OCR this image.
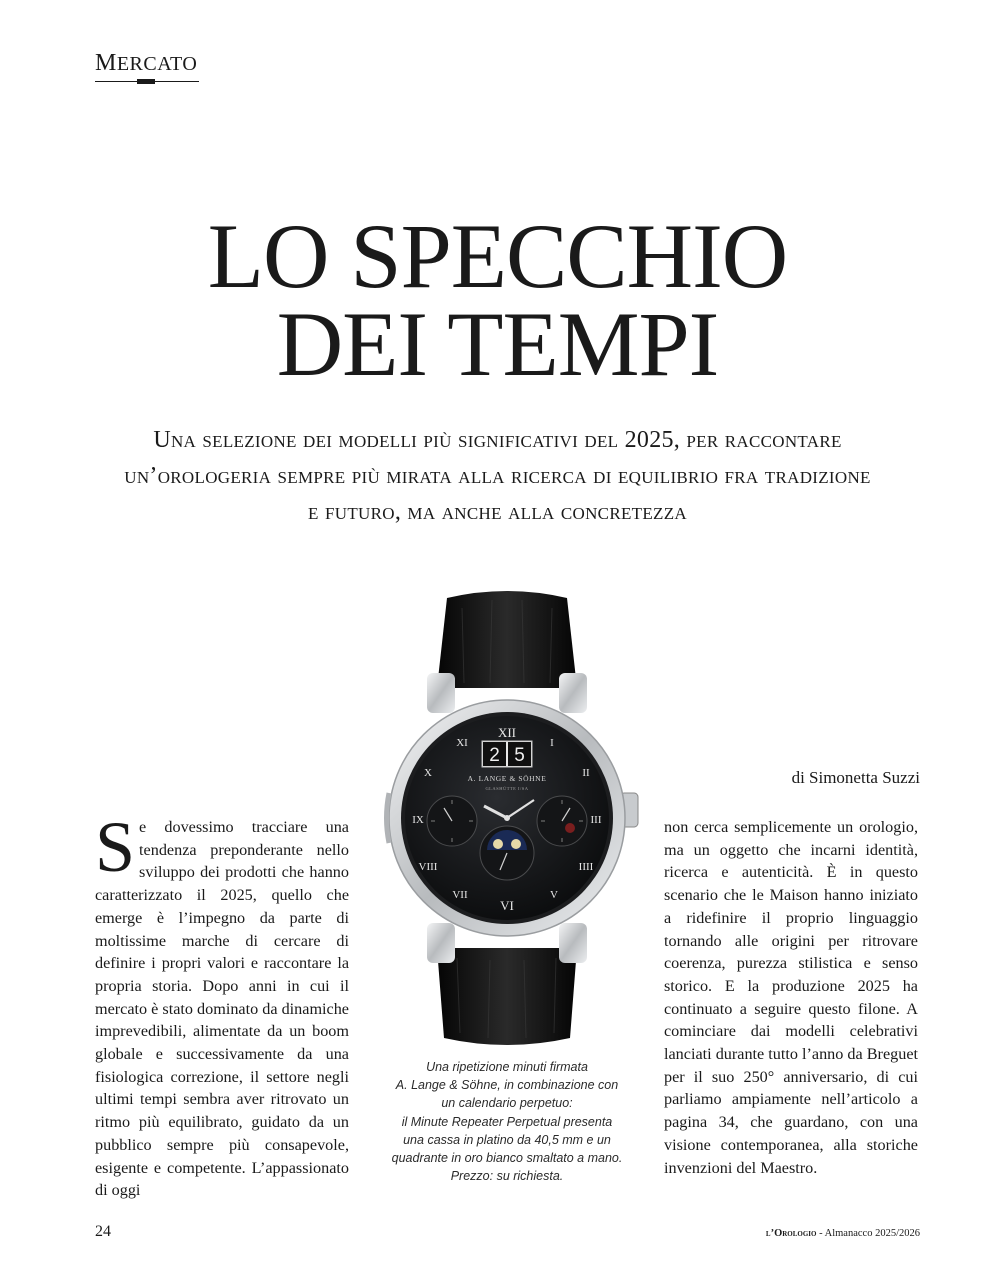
MERCATO
LO SPECCHIO
DEI TEMPI

Una selezione dei modelli più significativi del 2025, per raccontare un’orologeria sempre più mirata alla ricerca di equilibrio fra tradizione e futuro, ma anche alla concretezza

2 5
A. LANGE & SÖHNE
GLASHÜTTE I/SA
XII
I
II
III
IIII
V
VI
VII
VIII
IX
X
XI
di Simonetta Suzzi
Se dovessimo tracciare una tendenza preponderante nello sviluppo dei prodotti che hanno caratterizzato il 2025, quello che emerge è l’impegno da parte di moltissime marche di cercare di definire i propri valori e raccontare la propria storia. Dopo anni in cui il mercato è stato dominato da dinamiche imprevedibili, alimentate da un boom globale e successivamente da una fisiologica correzione, il settore negli ultimi tempi sembra aver ritrovato un ritmo più equilibrato, guidato da un pubblico sempre più consapevole, esigente e competente. L’appassionato di oggi
non cerca semplicemente un orologio, ma un oggetto che incarni identità, ricerca e autenticità. È in questo scenario che le Maison hanno iniziato a ridefinire il proprio linguaggio tornando alle origini per ritrovare coerenza, purezza stilistica e senso storico. E la produzione 2025 ha continuato a seguire questo filone. A cominciare dai modelli celebrativi lanciati durante tutto l’anno da Breguet per il suo 250° anniversario, di cui parliamo ampiamente nell’articolo a pagina 34, che guardano, con una visione contemporanea, alla storiche invenzioni del Maestro.
Una ripetizione minuti firmata
A. Lange & Söhne, in combinazione con
un calendario perpetuo:
il Minute Repeater Perpetual presenta
una cassa in platino da 40,5 mm e un
quadrante in oro bianco smaltato a mano.
Prezzo: su richiesta.
24	l’Orologio - Almanacco 2025/2026
